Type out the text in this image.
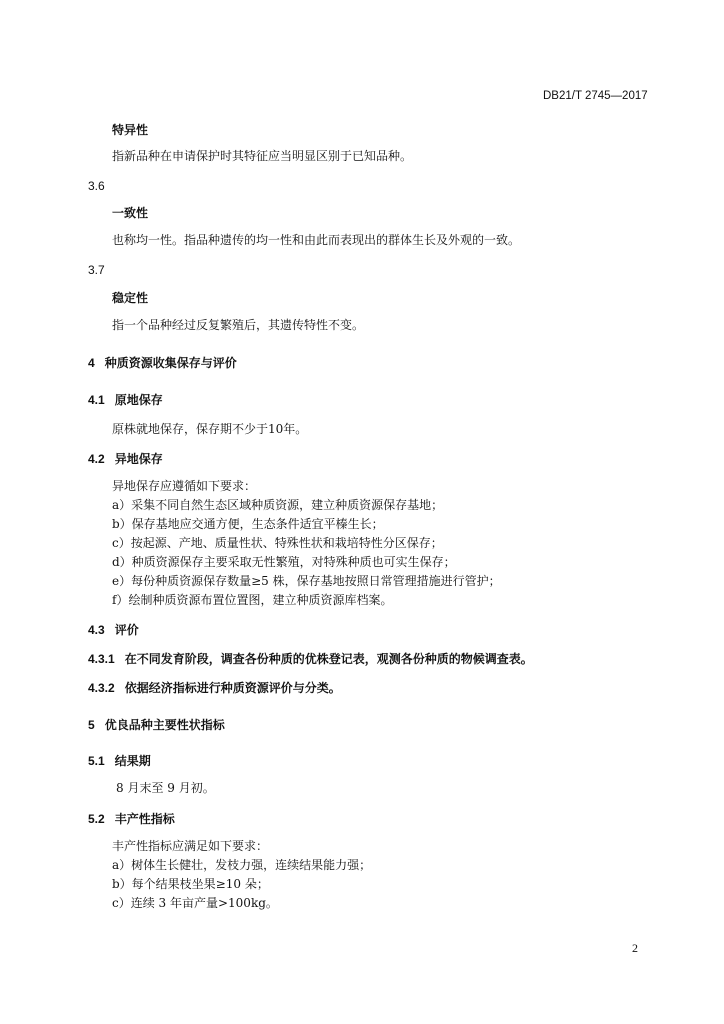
DB21/T 2745—2017
特异性
指新品种在申请保护时其特征应当明显区别于已知品种。
3.6
一致性
也称均一性。指品种遗传的均一性和由此而表现出的群体生长及外观的一致。
3.7
稳定性
指一个品种经过反复繁殖后，其遗传特性不变。
4 种质资源收集保存与评价
4.1 原地保存
原株就地保存，保存期不少于10年。
4.2 异地保存
异地保存应遵循如下要求：
a）采集不同自然生态区域种质资源，建立种质资源保存基地；
b）保存基地应交通方便，生态条件适宜平榛生长；
c）按起源、产地、质量性状、特殊性状和栽培特性分区保存；
d）种质资源保存主要采取无性繁殖，对特殊种质也可实生保存；
e）每份种质资源保存数量≥5 株，保存基地按照日常管理措施进行管护；
f）绘制种质资源布置位置图，建立种质资源库档案。
4.3 评价
4.3.1 在不同发育阶段，调查各份种质的优株登记表，观测各份种质的物候调查表。
4.3.2 依据经济指标进行种质资源评价与分类。
5 优良品种主要性状指标
5.1 结果期
8 月末至 9 月初。
5.2 丰产性指标
丰产性指标应满足如下要求：
a）树体生长健壮，发枝力强，连续结果能力强；
b）每个结果枝坐果≥10 朵；
c）连续 3 年亩产量>100kg。
2
